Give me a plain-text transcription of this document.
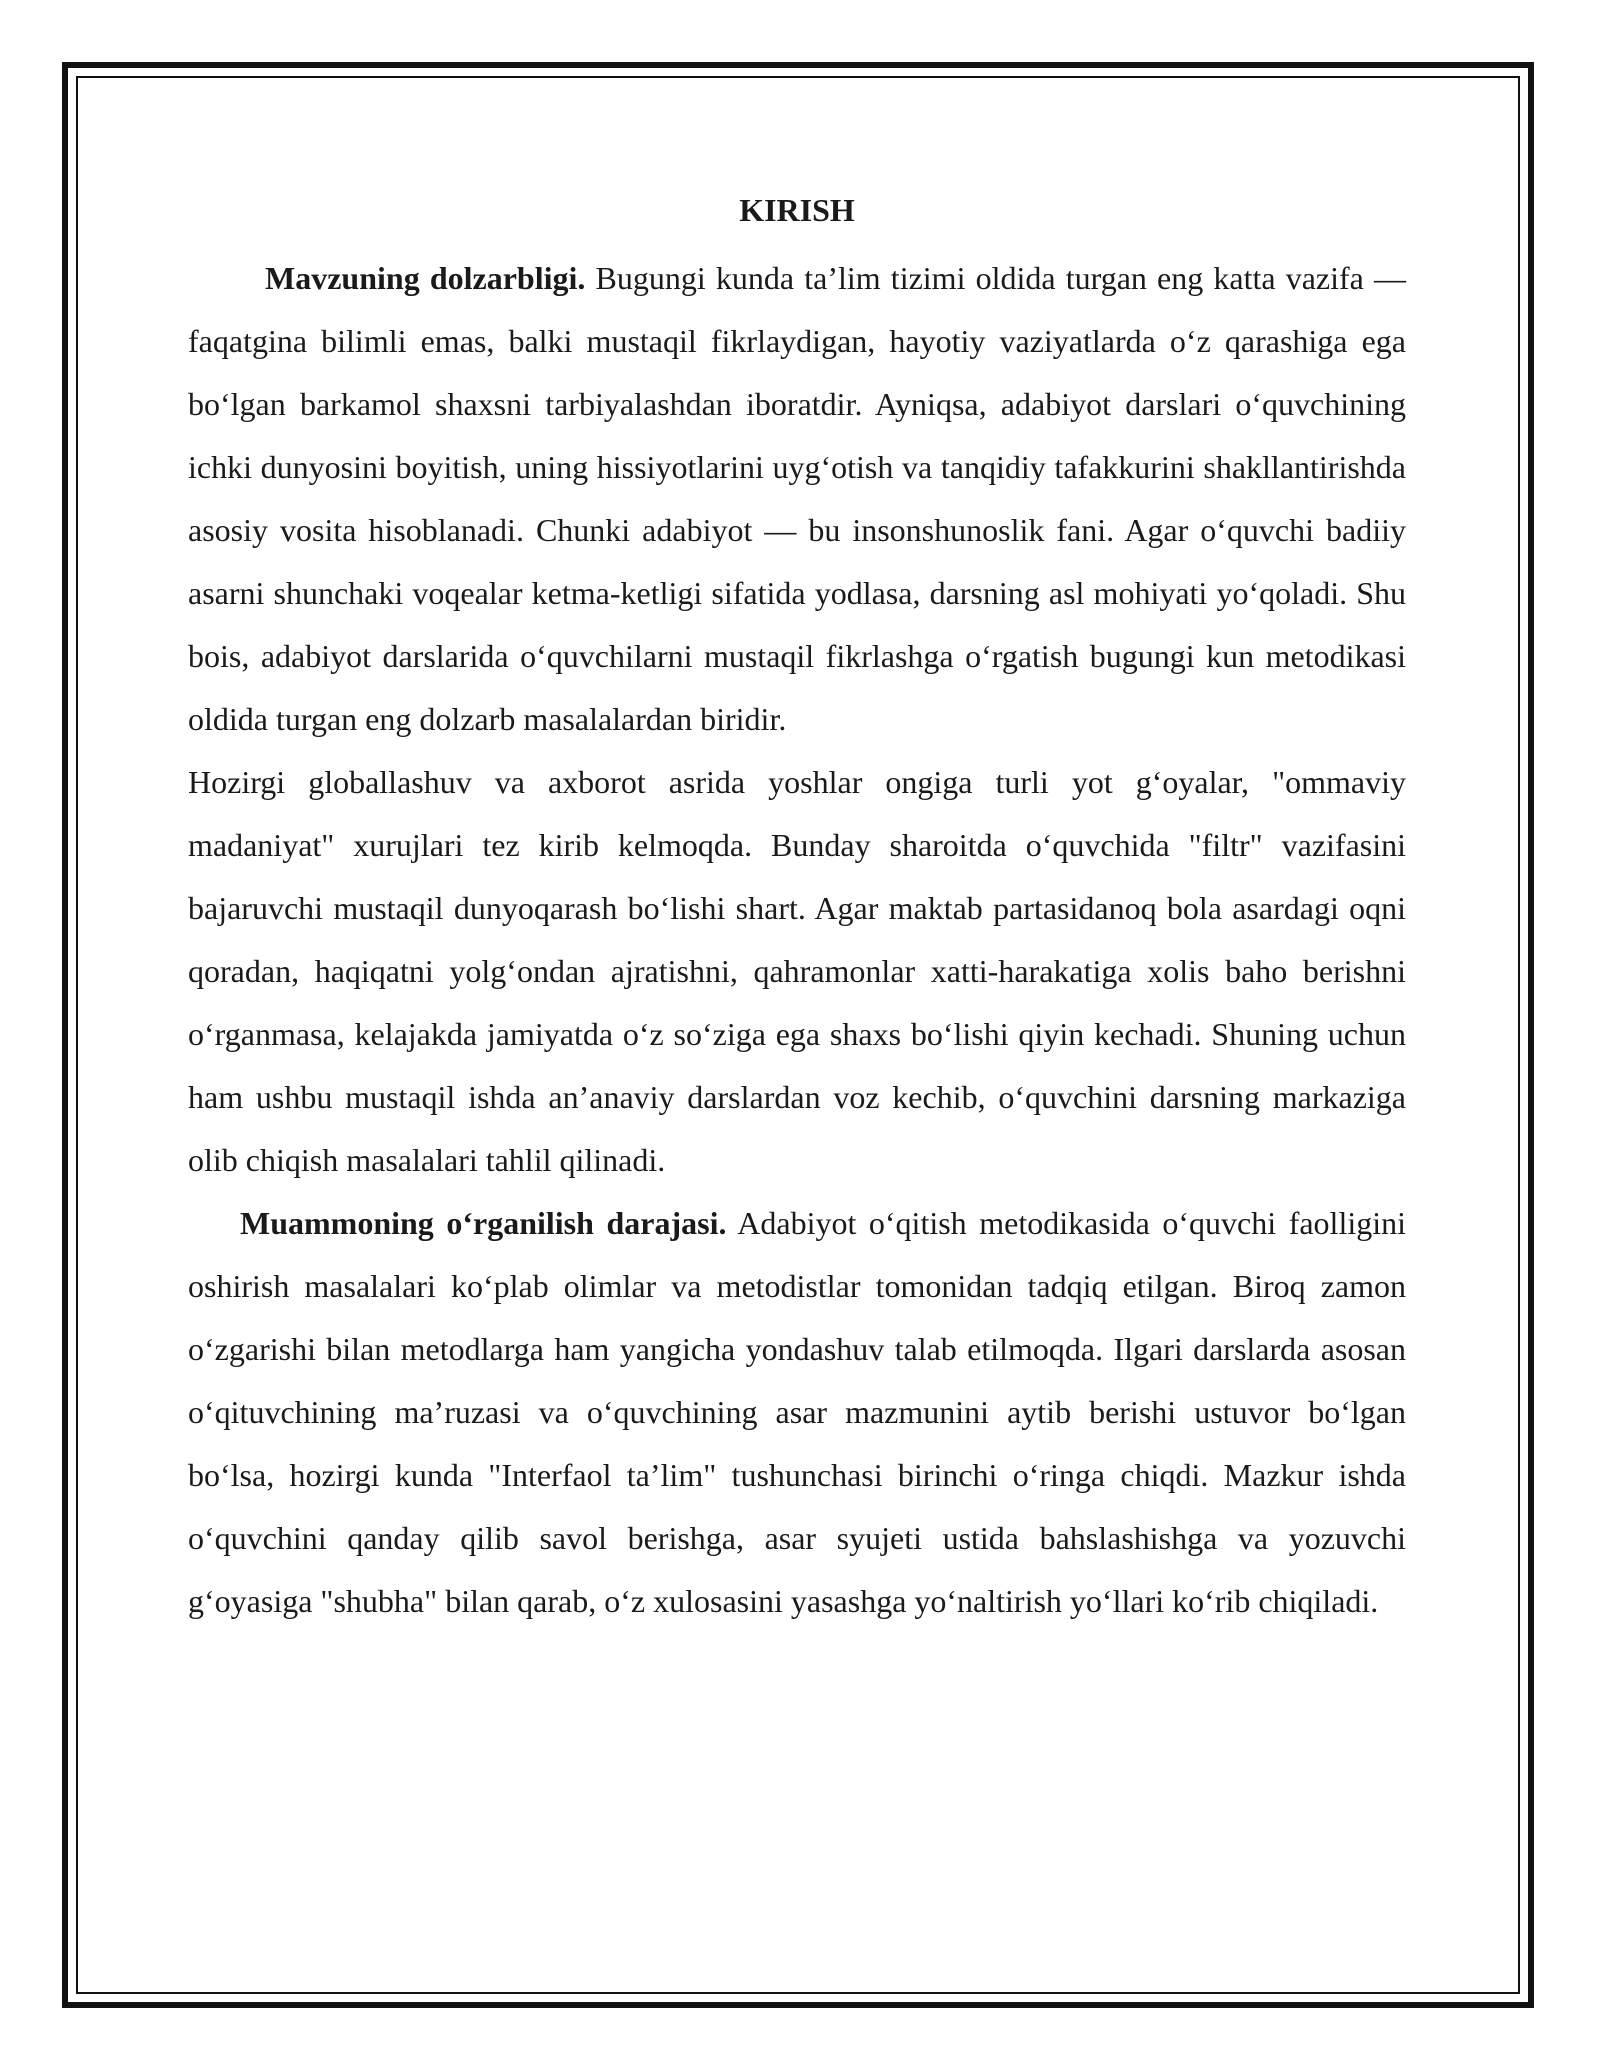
KIRISH

Mavzuning dolzarbligi. Bugungi kunda ta’lim tizimi oldida turgan eng katta vazifa — faqatgina bilimli emas, balki mustaqil fikrlaydigan, hayotiy vaziyatlarda o‘z qarashiga ega bo‘lgan barkamol shaxsni tarbiyalashdan iboratdir. Ayniqsa, adabiyot darslari o‘quvchining ichki dunyosini boyitish, uning hissiyotlarini uyg‘otish va tanqidiy tafakkurini shakllantirishda asosiy vosita hisoblanadi. Chunki adabiyot — bu insonshunoslik fani. Agar o‘quvchi badiiy asarni shunchaki voqealar ketma-ketligi sifatida yodlasa, darsning asl mohiyati yo‘qoladi. Shu bois, adabiyot darslarida o‘quvchilarni mustaqil fikrlashga o‘rgatish bugungi kun metodikasi oldida turgan eng dolzarb masalalardan biridir.

Hozirgi globallashuv va axborot asrida yoshlar ongiga turli yot g‘oyalar, "ommaviy madaniyat" xurujlari tez kirib kelmoqda. Bunday sharoitda o‘quvchida "filtr" vazifasini bajaruvchi mustaqil dunyoqarash bo‘lishi shart. Agar maktab partasidanoq bola asardagi oqni qoradan, haqiqatni yolg‘ondan ajratishni, qahramonlar xatti-harakatiga xolis baho berishni o‘rganmasa, kelajakda jamiyatda o‘z so‘ziga ega shaxs bo‘lishi qiyin kechadi. Shuning uchun ham ushbu mustaqil ishda an’anaviy darslardan voz kechib, o‘quvchini darsning markaziga olib chiqish masalalari tahlil qilinadi.

Muammoning o‘rganilish darajasi. Adabiyot o‘qitish metodikasida o‘quvchi faolligini oshirish masalalari ko‘plab olimlar va metodistlar tomonidan tadqiq etilgan. Biroq zamon o‘zgarishi bilan metodlarga ham yangicha yondashuv talab etilmoqda. Ilgari darslarda asosan o‘qituvchining ma’ruzasi va o‘quvchining asar mazmunini aytib berishi ustuvor bo‘lgan bo‘lsa, hozirgi kunda "Interfaol ta’lim" tushunchasi birinchi o‘ringa chiqdi. Mazkur ishda o‘quvchini qanday qilib savol berishga, asar syujeti ustida bahslashishga va yozuvchi g‘oyasiga "shubha" bilan qarab, o‘z xulosasini yasashga yo‘naltirish yo‘llari ko‘rib chiqiladi.
